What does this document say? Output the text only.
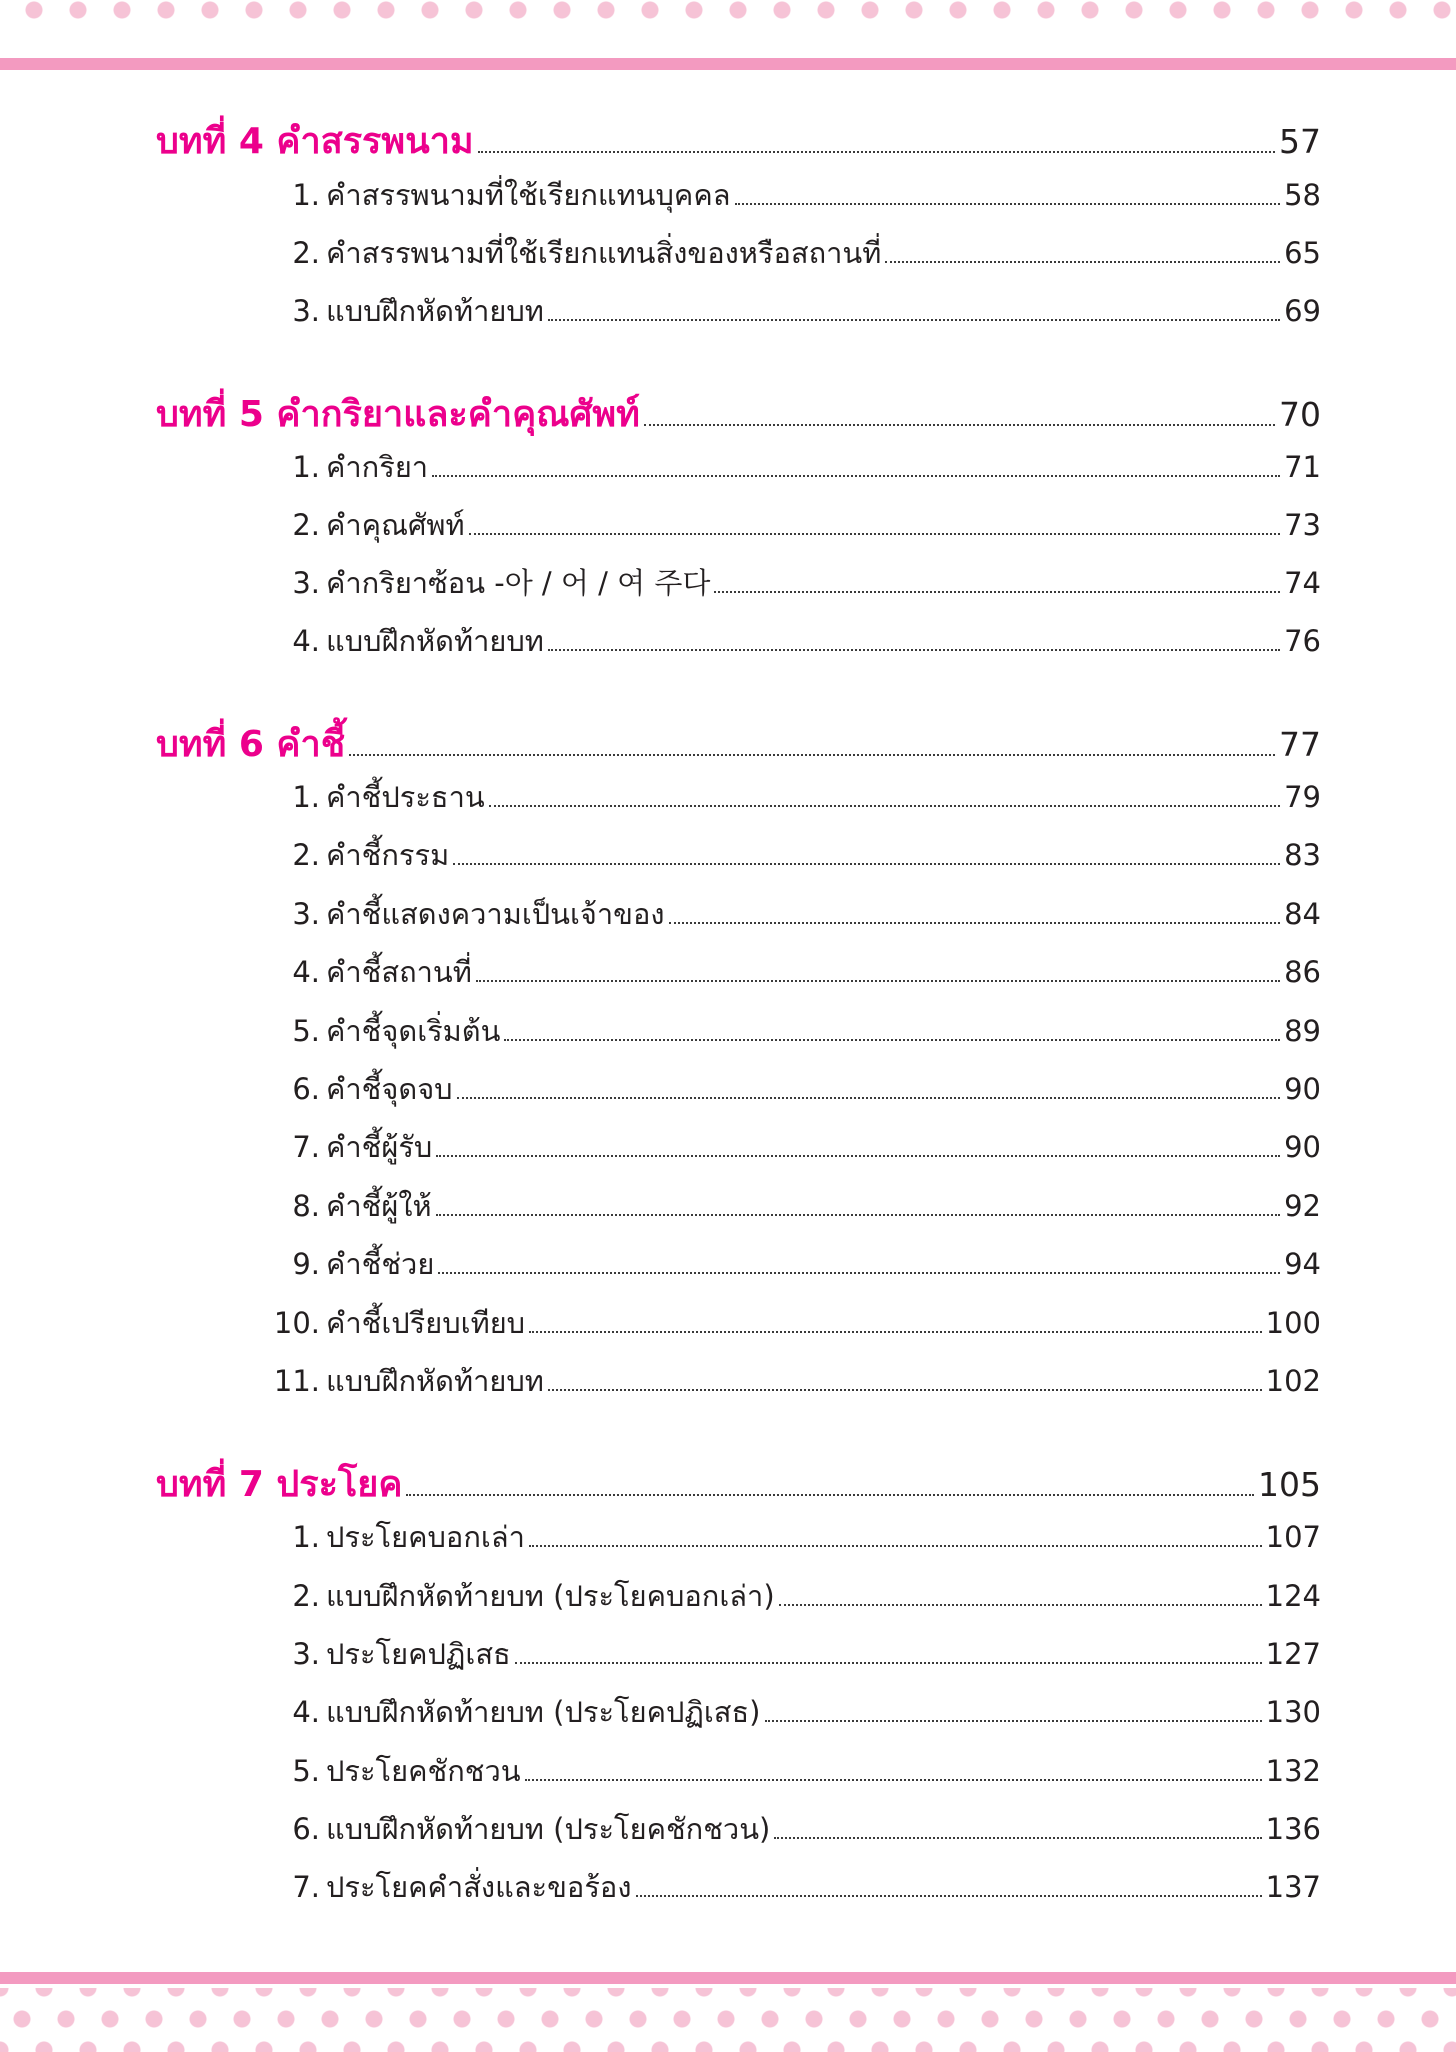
บทที่ 4 คำสรรพนาม	57
1. คำสรรพนามที่ใช้เรียกแทนบุคคล	58
2. คำสรรพนามที่ใช้เรียกแทนสิ่งของหรือสถานที่	65
3. แบบฝึกหัดท้ายบท	69
บทที่ 5 คำกริยาและคำคุณศัพท์	70
1. คำกริยา	71
2. คำคุณศัพท์	73
3. คำกริยาซ้อน -아 / 어 / 여 주다	74
4. แบบฝึกหัดท้ายบท	76
บทที่ 6 คำชี้	77
1. คำชี้ประธาน	79
2. คำชี้กรรม	83
3. คำชี้แสดงความเป็นเจ้าของ	84
4. คำชี้สถานที่	86
5. คำชี้จุดเริ่มต้น	89
6. คำชี้จุดจบ	90
7. คำชี้ผู้รับ	90
8. คำชี้ผู้ให้	92
9. คำชี้ช่วย	94
10. คำชี้เปรียบเทียบ	100
11. แบบฝึกหัดท้ายบท	102
บทที่ 7 ประโยค	105
1. ประโยคบอกเล่า	107
2. แบบฝึกหัดท้ายบท (ประโยคบอกเล่า)	124
3. ประโยคปฏิเสธ	127
4. แบบฝึกหัดท้ายบท (ประโยคปฏิเสธ)	130
5. ประโยคชักชวน	132
6. แบบฝึกหัดท้ายบท (ประโยคชักชวน)	136
7. ประโยคคำสั่งและขอร้อง	137
